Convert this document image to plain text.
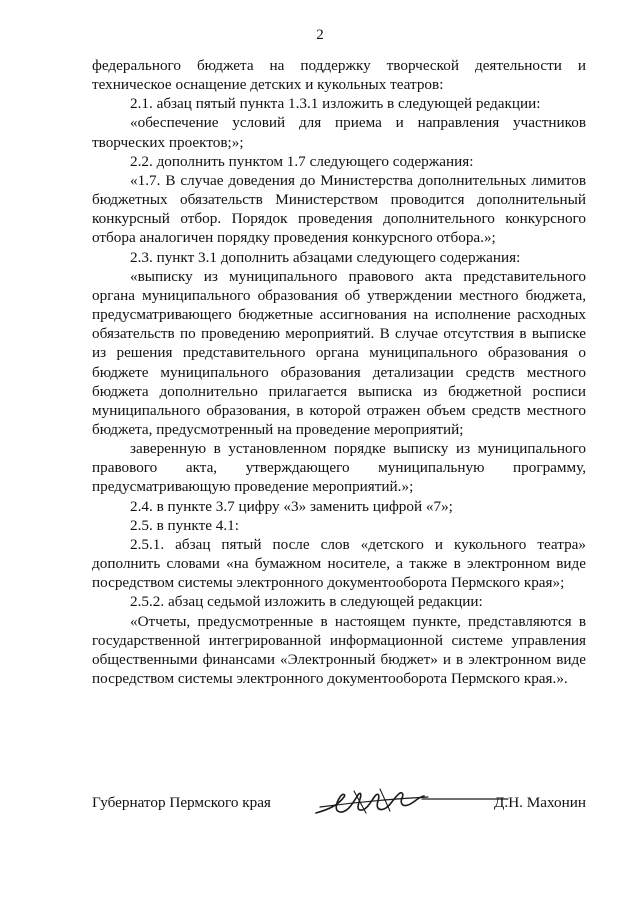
2

федерального бюджета на поддержку творческой деятельности и техническое оснащение детских и кукольных театров:

2.1. абзац пятый пункта 1.3.1 изложить в следующей редакции:

«обеспечение условий для приема и направления участников творческих проектов;»;

2.2. дополнить пунктом 1.7 следующего содержания:

«1.7. В случае доведения до Министерства дополнительных лимитов бюджетных обязательств Министерством проводится дополнительный конкурсный отбор. Порядок проведения дополнительного конкурсного отбора аналогичен порядку проведения конкурсного отбора.»;

2.3. пункт 3.1 дополнить абзацами следующего содержания:

«выписку из муниципального правового акта представительного органа муниципального образования об утверждении местного бюджета, предусматривающего бюджетные ассигнования на исполнение расходных обязательств по проведению мероприятий. В случае отсутствия в выписке из решения представительного органа муниципального образования о бюджете муниципального образования детализации средств местного бюджета дополнительно прилагается выписка из бюджетной росписи муниципального образования, в которой отражен объем средств местного бюджета, предусмотренный на проведение мероприятий;

заверенную в установленном порядке выписку из муниципального правового акта, утверждающего муниципальную программу, предусматривающую проведение мероприятий.»;

2.4. в пункте 3.7 цифру «3» заменить цифрой «7»;

2.5. в пункте 4.1:

2.5.1. абзац пятый после слов «детского и кукольного театра» дополнить словами «на бумажном носителе, а также в электронном виде посредством системы электронного документооборота Пермского края»;

2.5.2. абзац седьмой изложить в следующей редакции:

«Отчеты, предусмотренные в настоящем пункте, представляются в государственной интегрированной информационной системе управления общественными финансами «Электронный бюджет» и в электронном виде посредством системы электронного документооборота Пермского края.».

Губернатор Пермского края	Д.Н. Махонин
